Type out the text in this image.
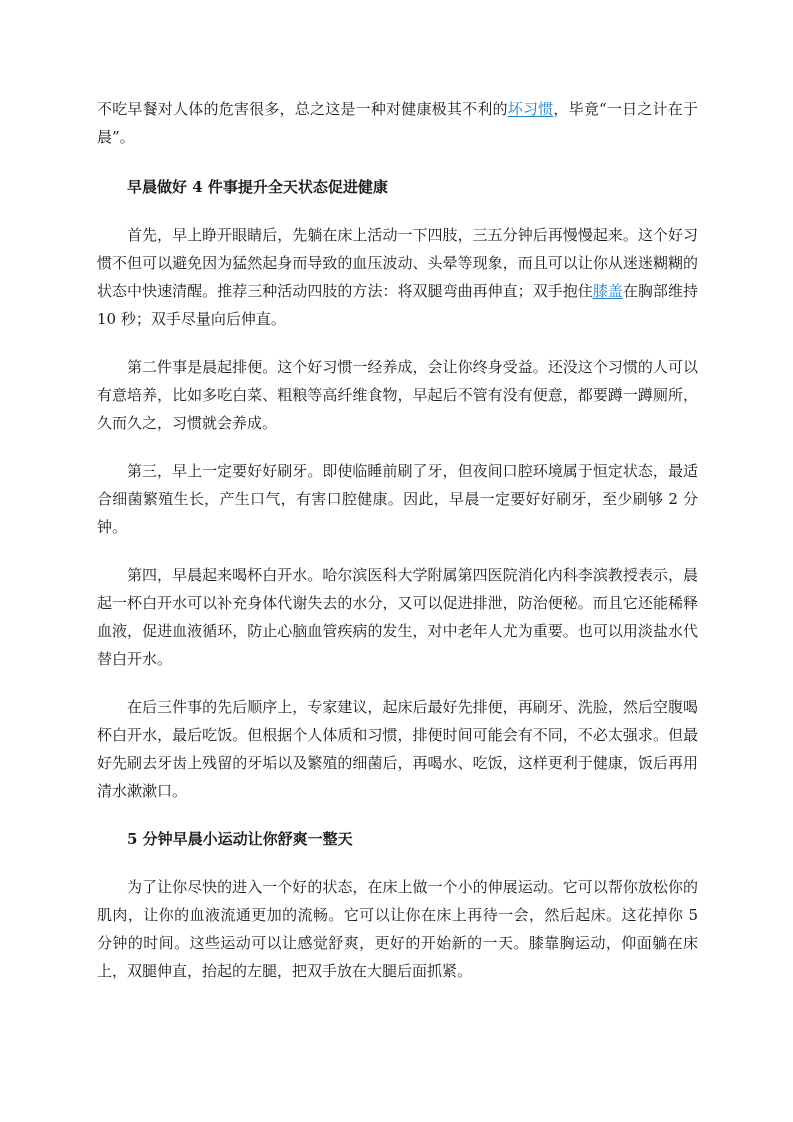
不吃早餐对人体的危害很多，总之这是一种对健康极其不利的坏习惯，毕竟“一日之计在于晨”。

早晨做好 4 件事提升全天状态促进健康

首先，早上睁开眼睛后，先躺在床上活动一下四肢，三五分钟后再慢慢起来。这个好习惯不但可以避免因为猛然起身而导致的血压波动、头晕等现象，而且可以让你从迷迷糊糊的状态中快速清醒。推荐三种活动四肢的方法：将双腿弯曲再伸直；双手抱住膝盖在胸部维持 10 秒；双手尽量向后伸直。

第二件事是晨起排便。这个好习惯一经养成，会让你终身受益。还没这个习惯的人可以有意培养，比如多吃白菜、粗粮等高纤维食物，早起后不管有没有便意，都要蹲一蹲厕所，久而久之，习惯就会养成。

第三，早上一定要好好刷牙。即使临睡前刷了牙，但夜间口腔环境属于恒定状态，最适合细菌繁殖生长，产生口气，有害口腔健康。因此，早晨一定要好好刷牙，至少刷够 2 分钟。

第四，早晨起来喝杯白开水。哈尔滨医科大学附属第四医院消化内科李滨教授表示，晨起一杯白开水可以补充身体代谢失去的水分，又可以促进排泄，防治便秘。而且它还能稀释血液，促进血液循环，防止心脑血管疾病的发生，对中老年人尤为重要。也可以用淡盐水代替白开水。

在后三件事的先后顺序上，专家建议，起床后最好先排便，再刷牙、洗脸，然后空腹喝杯白开水，最后吃饭。但根据个人体质和习惯，排便时间可能会有不同，不必太强求。但最好先刷去牙齿上残留的牙垢以及繁殖的细菌后，再喝水、吃饭，这样更利于健康，饭后再用清水漱漱口。

5 分钟早晨小运动让你舒爽一整天

为了让你尽快的进入一个好的状态，在床上做一个小的伸展运动。它可以帮你放松你的肌肉，让你的血液流通更加的流畅。它可以让你在床上再待一会，然后起床。这花掉你 5 分钟的时间。这些运动可以让感觉舒爽，更好的开始新的一天。膝靠胸运动，仰面躺在床上，双腿伸直，抬起的左腿，把双手放在大腿后面抓紧。
